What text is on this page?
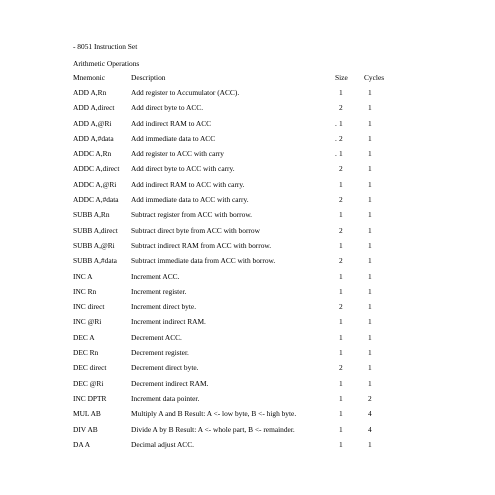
- 8051 Instruction Set
Arithmetic Operations
Mnemonic	Description	Size Cycles
ADD A,Rn	Add register to Accumulator (ACC).		1	1
ADD A,direct	Add direct byte to ACC.		2	1
ADD A,@Ri	Add indirect RAM to ACC	.	1	1
ADD A,#data	Add immediate data to ACC	.	2	1
ADDC A,Rn	Add register to ACC with carry	.	1	1
ADDC A,direct	Add direct byte to ACC with carry.		2	1
ADDC A,@Ri	Add indirect RAM to ACC with carry.		1	1
ADDC A,#data	Add immediate data to ACC with carry.		2	1
SUBB A,Rn	Subtract register from ACC with borrow.		1	1
SUBB A,direct	Subtract direct byte from ACC with borrow		2	1
SUBB A,@Ri	Subtract indirect RAM from ACC with borrow.		1	1
SUBB A,#data	Subtract immediate data from ACC with borrow.		2	1
INC A	Increment ACC.		1	1
INC Rn	Increment register.		1	1
INC direct	Increment direct byte.		2	1
INC @Ri	Increment indirect RAM.		1	1
DEC A	Decrement ACC.		1	1
DEC Rn	Decrement register.		1	1
DEC direct	Decrement direct byte.		2	1
DEC @Ri	Decrement indirect RAM.		1	1
INC DPTR	Increment data pointer.		1	2
MUL AB	Multiply A and B Result: A <- low byte, B <- high byte.		1	4
DIV AB	Divide A by B Result: A <- whole part, B <- remainder.		1	4
DA A	Decimal adjust ACC.		1	1
